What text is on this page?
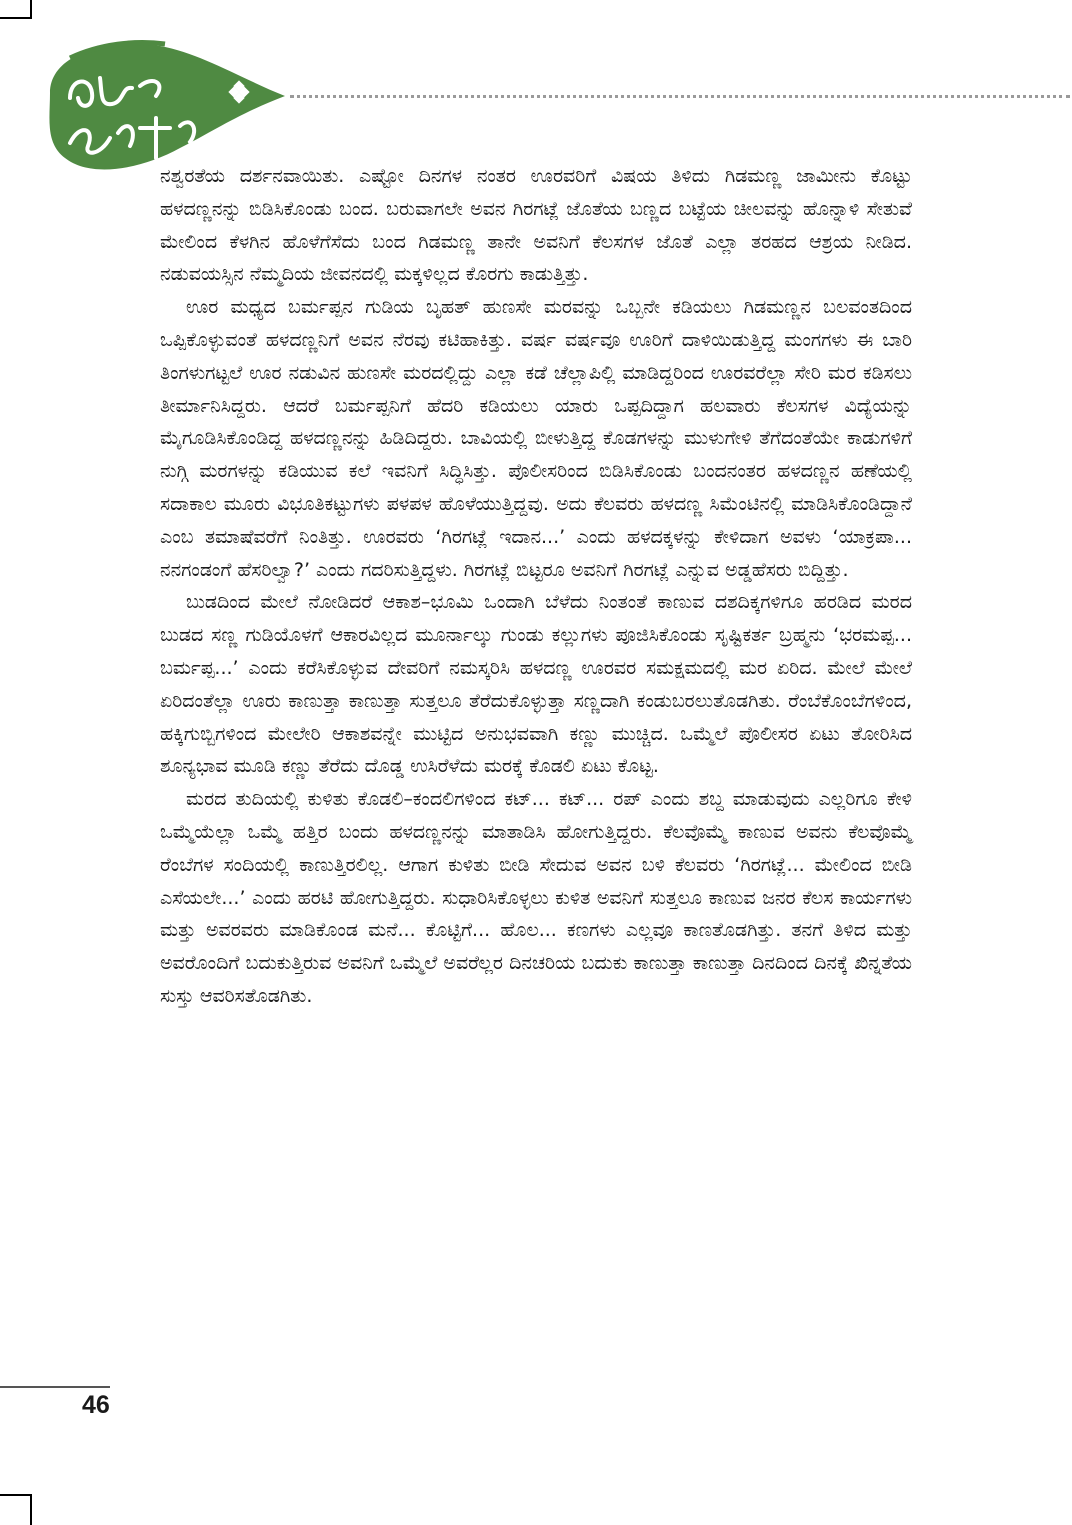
ಅರಿ ಸಣ್ಣಕತೆ

ನಶ್ವರತೆಯ ದರ್ಶನವಾಯಿತು. ಎಷ್ಟೋ ದಿನಗಳ ನಂತರ ಊರವರಿಗೆ ವಿಷಯ ತಿಳಿದು ಗಿಡಮಣ್ಣ ಜಾಮೀನು ಕೊಟ್ಟು ಹಳದಣ್ಣನನ್ನು ಬಿಡಿಸಿಕೊಂಡು ಬಂದ. ಬರುವಾಗಲೇ ಅವನ ಗಿರಗಟ್ಲೆ ಜೊತೆಯ ಬಣ್ಣದ ಬಟ್ಟೆಯ ಚೀಲವನ್ನು ಹೊನ್ನಾಳಿ ಸೇತುವೆ ಮೇಲಿಂದ ಕೆಳಗಿನ ಹೊಳೆಗೆಸೆದು ಬಂದ ಗಿಡಮಣ್ಣ ತಾನೇ ಅವನಿಗೆ ಕೆಲಸಗಳ ಜೊತೆ ಎಲ್ಲಾ ತರಹದ ಆಶ್ರಯ ನೀಡಿದ. ನಡುವಯಸ್ಸಿನ ನೆಮ್ಮದಿಯ ಜೀವನದಲ್ಲಿ ಮಕ್ಕಳಿಲ್ಲದ ಕೊರಗು ಕಾಡುತ್ತಿತ್ತು.

ಊರ ಮಧ್ಯದ ಬರ್ಮಪ್ಪನ ಗುಡಿಯ ಬೃಹತ್ ಹುಣಸೇ ಮರವನ್ನು ಒಬ್ಬನೇ ಕಡಿಯಲು ಗಿಡಮಣ್ಣನ ಬಲವಂತದಿಂದ ಒಪ್ಪಿಕೊಳ್ಳುವಂತೆ ಹಳದಣ್ಣನಿಗೆ ಅವನ ನೆರವು ಕಟಿಹಾಕಿತ್ತು. ವರ್ಷ ವರ್ಷವೂ ಊರಿಗೆ ದಾಳಿಯಿಡುತ್ತಿದ್ದ ಮಂಗಗಳು ಈ ಬಾರಿ ತಿಂಗಳುಗಟ್ಟಲೆ ಊರ ನಡುವಿನ ಹುಣಸೇ ಮರದಲ್ಲಿದ್ದು ಎಲ್ಲಾ ಕಡೆ ಚೆಲ್ಲಾಪಿಲ್ಲಿ ಮಾಡಿದ್ದರಿಂದ ಊರವರೆಲ್ಲಾ ಸೇರಿ ಮರ ಕಡಿಸಲು ತೀರ್ಮಾನಿಸಿದ್ದರು. ಆದರೆ ಬರ್ಮಪ್ಪನಿಗೆ ಹೆದರಿ ಕಡಿಯಲು ಯಾರು ಒಪ್ಪದಿದ್ದಾಗ ಹಲವಾರು ಕೆಲಸಗಳ ವಿದ್ಯೆಯನ್ನು ಮೈಗೂಡಿಸಿಕೊಂಡಿದ್ದ ಹಳದಣ್ಣನನ್ನು ಹಿಡಿದಿದ್ದರು. ಬಾವಿಯಲ್ಲಿ ಬೀಳುತ್ತಿದ್ದ ಕೊಡಗಳನ್ನು ಮುಳುಗೇಳಿ ತೆಗೆದಂತೆಯೇ ಕಾಡುಗಳಿಗೆ ನುಗ್ಗಿ ಮರಗಳನ್ನು ಕಡಿಯುವ ಕಲೆ ಇವನಿಗೆ ಸಿದ್ಧಿಸಿತ್ತು. ಪೊಲೀಸರಿಂದ ಬಿಡಿಸಿಕೊಂಡು ಬಂದನಂತರ ಹಳದಣ್ಣನ ಹಣೆಯಲ್ಲಿ ಸದಾಕಾಲ ಮೂರು ವಿಭೂತಿಕಟ್ಟುಗಳು ಪಳಪಳ ಹೊಳೆಯುತ್ತಿದ್ದವು. ಅದು ಕೆಲವರು ಹಳದಣ್ಣ ಸಿಮೆಂಟಿನಲ್ಲಿ ಮಾಡಿಸಿಕೊಂಡಿದ್ದಾನೆ ಎಂಬ ತಮಾಷೆವರೆಗೆ ನಿಂತಿತ್ತು. ಊರವರು ‘ಗಿರಗಟ್ಲೆ ಇದಾನ...’ ಎಂದು ಹಳದಕ್ಕಳನ್ನು ಕೇಳಿದಾಗ ಅವಳು ‘ಯಾಕ್ರಪಾ... ನನಗಂಡಂಗೆ ಹೆಸರಿಲ್ವಾ?’ ಎಂದು ಗದರಿಸುತ್ತಿದ್ದಳು. ಗಿರಗಟ್ಲೆ ಬಿಟ್ಟರೂ ಅವನಿಗೆ ಗಿರಗಟ್ಲೆ ಎನ್ನುವ ಅಡ್ಡಹೆಸರು ಬಿದ್ದಿತ್ತು.

ಬುಡದಿಂದ ಮೇಲೆ ನೋಡಿದರೆ ಆಕಾಶ–ಭೂಮಿ ಒಂದಾಗಿ ಬೆಳೆದು ನಿಂತಂತೆ ಕಾಣುವ ದಶದಿಕ್ಕಗಳಿಗೂ ಹರಡಿದ ಮರದ ಬುಡದ ಸಣ್ಣ ಗುಡಿಯೊಳಗೆ ಆಕಾರವಿಲ್ಲದ ಮೂರ್ನಾಲ್ಕು ಗುಂಡು ಕಲ್ಲುಗಳು ಪೂಜಿಸಿಕೊಂಡು ಸೃಷ್ಟಿಕರ್ತ ಬ್ರಹ್ಮನು ‘ಭರಮಪ್ಪ... ಬರ್ಮಪ್ಪ...’ ಎಂದು ಕರೆಸಿಕೊಳ್ಳುವ ದೇವರಿಗೆ ನಮಸ್ಕರಿಸಿ ಹಳದಣ್ಣ ಊರವರ ಸಮಕ್ಷಮದಲ್ಲಿ ಮರ ಏರಿದ. ಮೇಲೆ ಮೇಲೆ ಏರಿದಂತೆಲ್ಲಾ ಊರು ಕಾಣುತ್ತಾ ಕಾಣುತ್ತಾ ಸುತ್ತಲೂ ತೆರೆದುಕೊಳ್ಳುತ್ತಾ ಸಣ್ಣದಾಗಿ ಕಂಡುಬರಲುತೊಡಗಿತು. ರೆಂಬೆಕೊಂಬೆಗಳಿಂದ, ಹಕ್ಕಿಗುಬ್ಬಿಗಳಿಂದ ಮೇಲೇರಿ ಆಕಾಶವನ್ನೇ ಮುಟ್ಟಿದ ಅನುಭವವಾಗಿ ಕಣ್ಣು ಮುಚ್ಚಿದ. ಒಮ್ಮೆಲೆ ಪೊಲೀಸರ ಏಟು ತೋರಿಸಿದ ಶೂನ್ಯಭಾವ ಮೂಡಿ ಕಣ್ಣು ತೆರೆದು ದೊಡ್ಡ ಉಸಿರೆಳೆದು ಮರಕ್ಕೆ ಕೊಡಲಿ ಏಟು ಕೊಟ್ಟ.

ಮರದ ತುದಿಯಲ್ಲಿ ಕುಳಿತು ಕೊಡಲಿ–ಕಂದಲಿಗಳಿಂದ ಕಟ್... ಕಟ್... ರಪ್ ಎಂದು ಶಬ್ದ ಮಾಡುವುದು ಎಲ್ಲರಿಗೂ ಕೇಳಿ ಒಮ್ಮೆಯೆಲ್ಲಾ ಒಮ್ಮೆ ಹತ್ತಿರ ಬಂದು ಹಳದಣ್ಣನನ್ನು ಮಾತಾಡಿಸಿ ಹೋಗುತ್ತಿದ್ದರು. ಕೆಲವೊಮ್ಮೆ ಕಾಣುವ ಅವನು ಕೆಲವೊಮ್ಮೆ ರೆಂಬೆಗಳ ಸಂದಿಯಲ್ಲಿ ಕಾಣುತ್ತಿರಲಿಲ್ಲ. ಆಗಾಗ ಕುಳಿತು ಬೀಡಿ ಸೇದುವ ಅವನ ಬಳಿ ಕೆಲವರು ‘ಗಿರಗಟ್ಲೆ... ಮೇಲಿಂದ ಬೀಡಿ ಎಸೆಯಲೇ...’ ಎಂದು ಹರಟಿ ಹೋಗುತ್ತಿದ್ದರು. ಸುಧಾರಿಸಿಕೊಳ್ಳಲು ಕುಳಿತ ಅವನಿಗೆ ಸುತ್ತಲೂ ಕಾಣುವ ಜನರ ಕೆಲಸ ಕಾರ್ಯಗಳು ಮತ್ತು ಅವರವರು ಮಾಡಿಕೊಂಡ ಮನೆ... ಕೊಟ್ಟಿಗೆ... ಹೊಲ... ಕಣಗಳು ಎಲ್ಲವೂ ಕಾಣತೊಡಗಿತ್ತು. ತನಗೆ ತಿಳಿದ ಮತ್ತು ಅವರೊಂದಿಗೆ ಬದುಕುತ್ತಿರುವ ಅವನಿಗೆ ಒಮ್ಮೆಲೆ ಅವರೆಲ್ಲರ ದಿನಚರಿಯ ಬದುಕು ಕಾಣುತ್ತಾ ಕಾಣುತ್ತಾ ದಿನದಿಂದ ದಿನಕ್ಕೆ ಖಿನ್ನತೆಯ ಸುಸ್ತು ಆವರಿಸತೊಡಗಿತು.

46
